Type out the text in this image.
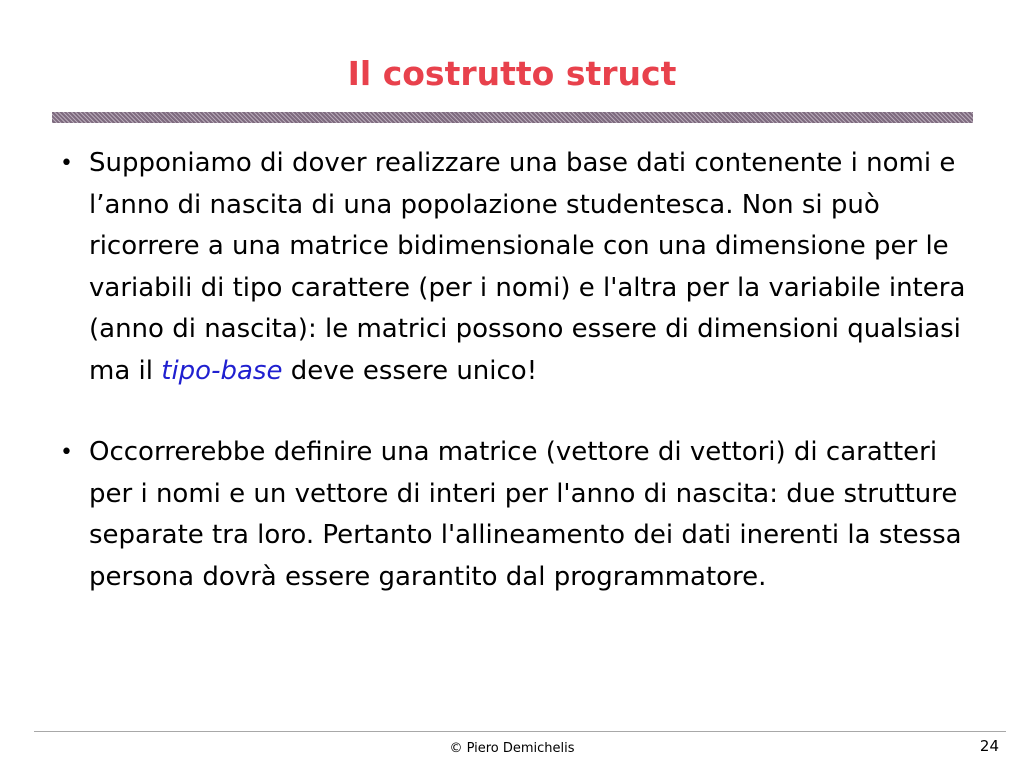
Il costrutto struct
• Supponiamo di dover realizzare una base dati contenente i nomi e l’anno di nascita di una popolazione studentesca. Non si può ricorrere a una matrice bidimensionale con una dimensione per le variabili di tipo carattere (per i nomi) e l'altra per la variabile intera (anno di nascita): le matrici possono essere di dimensioni qualsiasi ma il tipo-base deve essere unico!
• Occorrerebbe definire una matrice (vettore di vettori) di caratteri per i nomi e un vettore di interi per l'anno di nascita: due strutture separate tra loro. Pertanto l'allineamento dei dati inerenti la stessa persona dovrà essere garantito dal programmatore.
© Piero Demichelis	24
